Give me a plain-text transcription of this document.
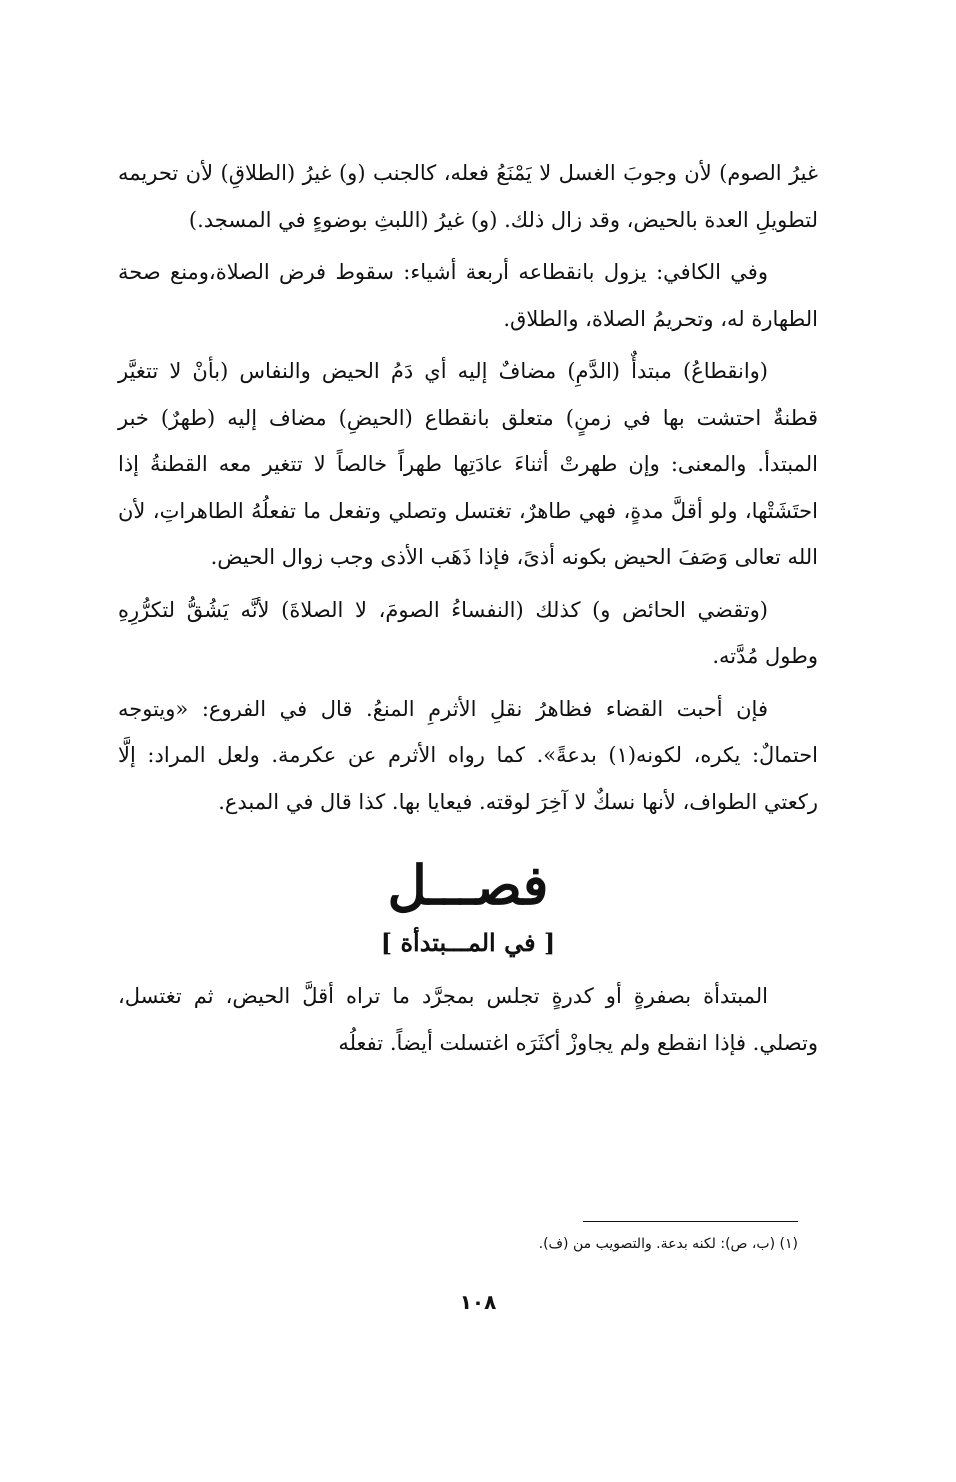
غيرُ الصوم) لأن وجوبَ الغسل لا يَمْنَعُ فعله، كالجنب (و) غيرُ (الطلاقِ) لأن تحريمه لتطويلِ العدة بالحيض، وقد زال ذلك. (و) غيرُ (اللبثِ بوضوءٍ في المسجد.)

وفي الكافي: يزول بانقطاعه أربعة أشياء: سقوط فرض الصلاة،ومنع صحة الطهارة له، وتحريمُ الصلاة، والطلاق.

(وانقطاعُ) مبتدأٌ (الدَّمِ) مضافٌ إليه أي دَمُ الحيض والنفاس (بأنْ لا تتغيَّر قطنةٌ احتشت بها في زمنٍ) متعلق بانقطاع (الحيضِ) مضاف إليه (طهرٌ) خبر المبتدأ. والمعنى: وإن طهرتْ أثناءَ عادَتِها طهراً خالصاً لا تتغير معه القطنةُ إذا احتَشَتْها، ولو أقلَّ مدةٍ، فهي طاهرٌ، تغتسل وتصلي وتفعل ما تفعلُهُ الطاهراتِ، لأن الله تعالى وَصَفَ الحيض بكونه أذىً، فإذا ذَهَب الأذى وجب زوال الحيض.

(وتقضي الحائض و) كذلك (النفساءُ الصومَ، لا الصلاةَ) لأنَّه يَشُقُّ لتكرُّرِهِ وطول مُدَّته.

فإن أحبت القضاء فظاهرُ نقلِ الأثرمِ المنعُ. قال في الفروع: «ويتوجه احتمالٌ: يكره، لكونه(١) بدعةً». كما رواه الأثرم عن عكرمة. ولعل المراد: إلَّا ركعتي الطواف، لأنها نسكٌ لا آخِرَ لوقته. فيعايا بها. كذا قال في المبدع.

فصـــل
[ في المـــبتدأة ]

المبتدأة بصفرةٍ أو كدرةٍ تجلس بمجرَّد ما تراه أقلَّ الحيض، ثم تغتسل، وتصلي. فإذا انقطع ولم يجاوزْ أكثَرَه اغتسلت أيضاً. تفعلُه

(١) (ب، ص): لكنه بدعة. والتصويب من (ف).
١٠٨
